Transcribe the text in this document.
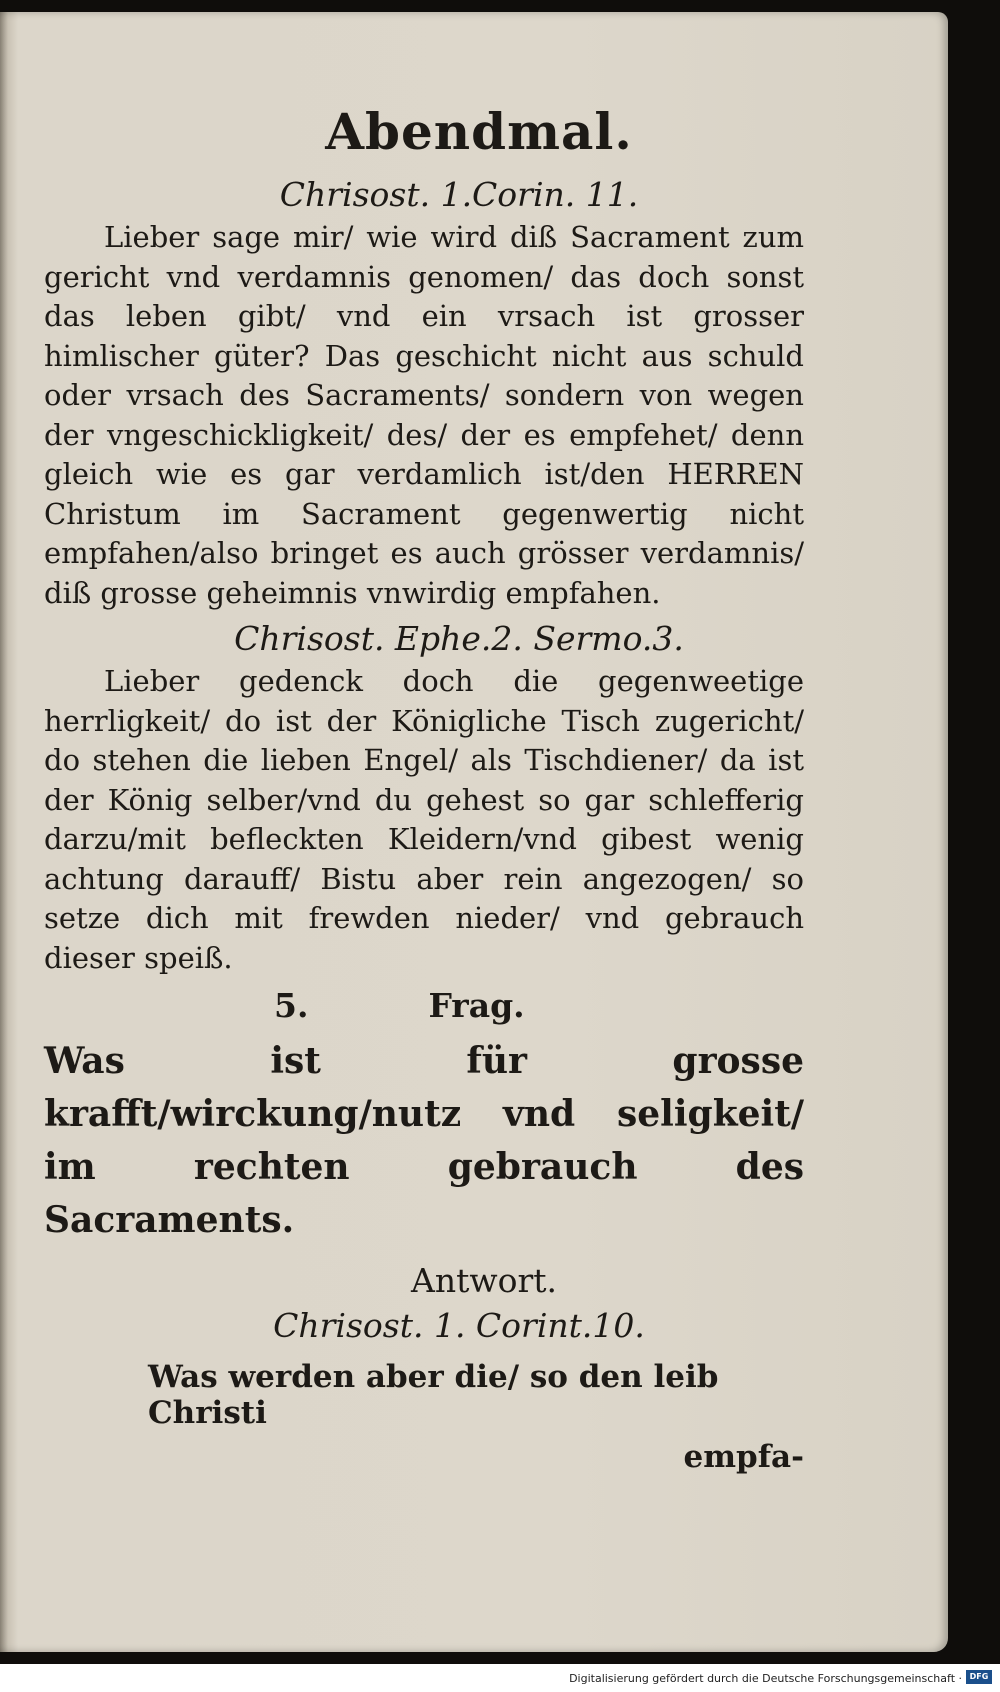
Abendmal.
Chrisost. 1.Corin. 11.

Lieber sage mir/ wie wird diß Sacrament zum gericht vnd verdamnis genomen/ das doch sonst das leben gibt/ vnd ein vrsach ist grosser himlischer güter? Das geschicht nicht aus schuld oder vrsach des Sacraments/ sondern von wegen der vngeschickligkeit/ des/ der es empfehet/ denn gleich wie es gar verdamlich ist/den HERREN Christum im Sacrament gegenwertig nicht empfahen/also bringet es auch grösser verdamnis/ diß grosse geheimnis vnwirdig empfahen.

Chrisost. Ephe.2. Sermo.3.

Lieber gedenck doch die gegenweetige herrligkeit/ do ist der Königliche Tisch zugericht/ do stehen die lieben Engel/ als Tischdiener/ da ist der König selber/vnd du gehest so gar schlefferig darzu/mit befleckten Kleidern/vnd gibest wenig achtung darauff/ Bistu aber rein angezogen/ so setze dich mit frewden nieder/ vnd gebrauch dieser speiß.

5.	Frag.
Was ist für grosse krafft/wirckung/nutz vnd seligkeit/ im rechten gebrauch des Sacraments.
Antwort.
Chrisost. 1. Corint.10.
Was werden aber die/ so den leib Christi
empfa-
Digitalisierung gefördert durch die Deutsche Forschungsgemeinschaft · DFG
